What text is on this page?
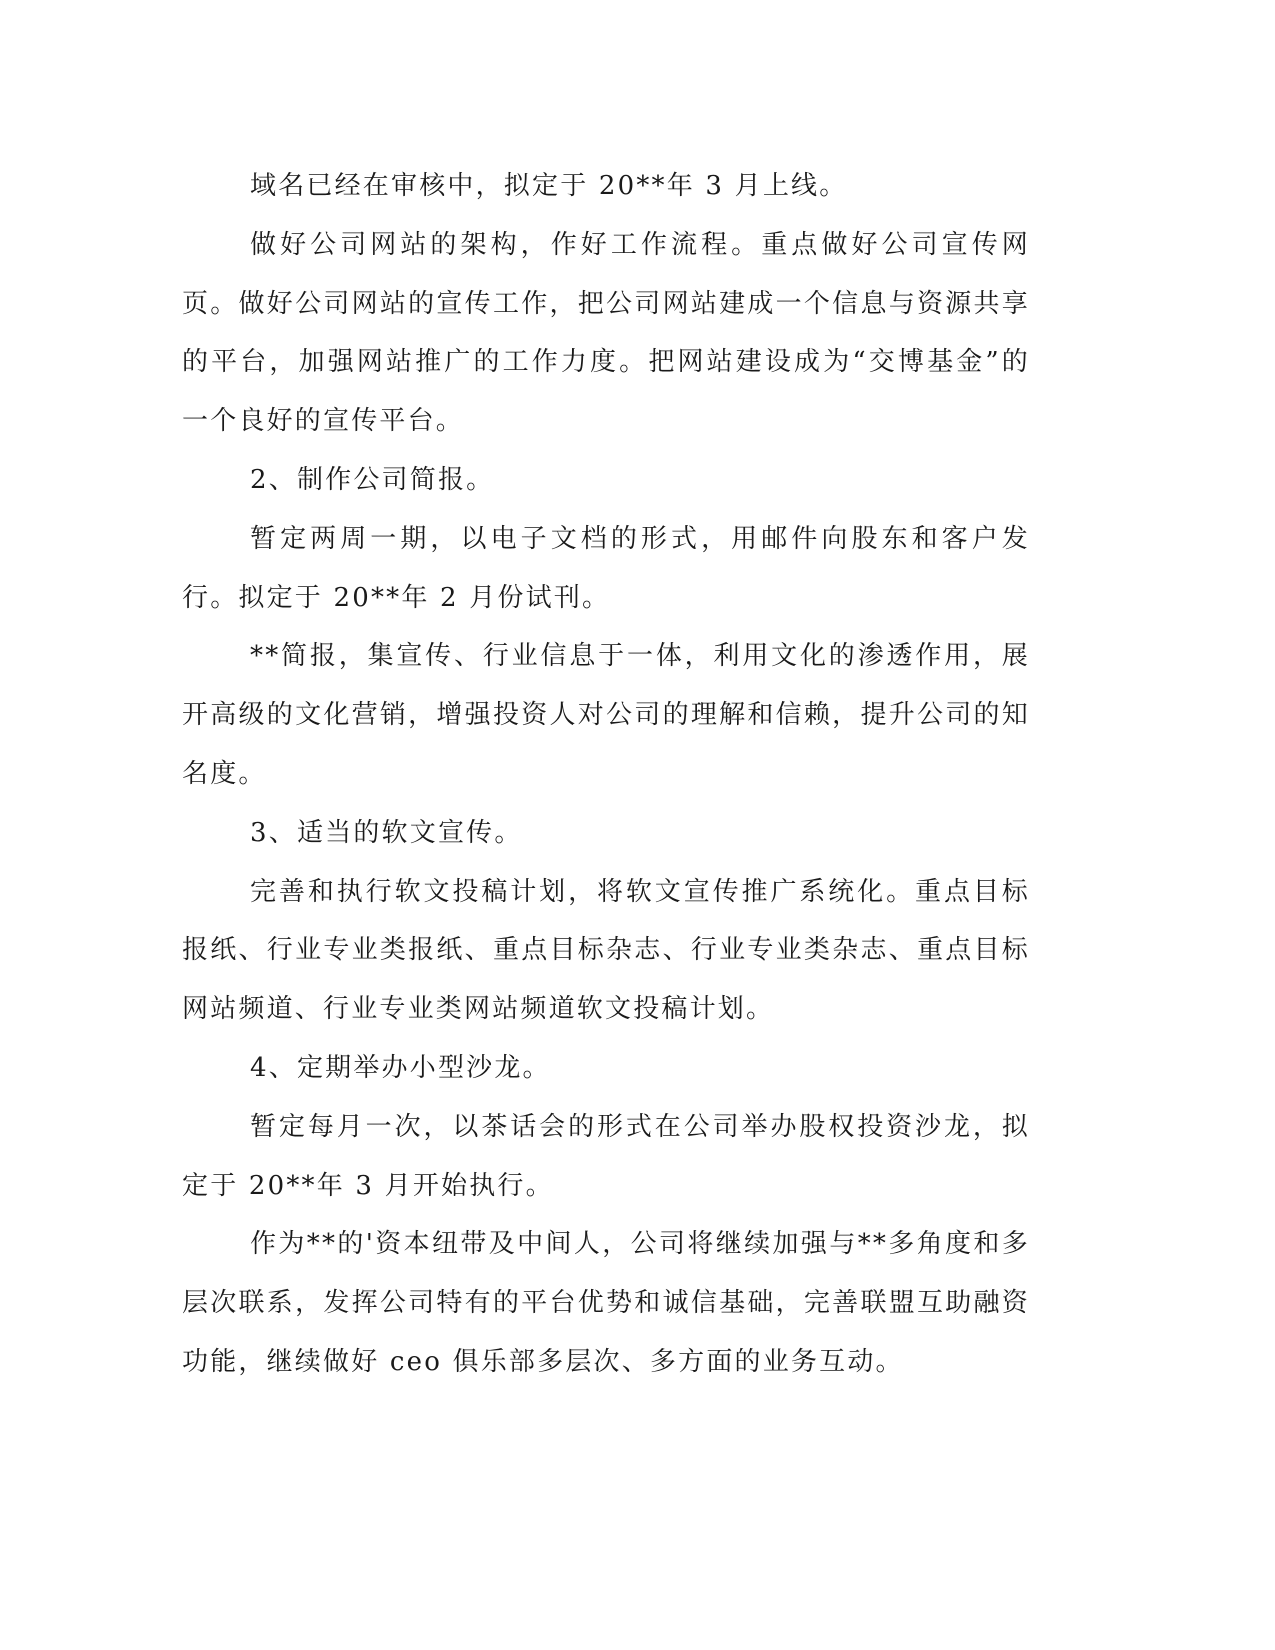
域名已经在审核中，拟定于 20**年 3 月上线。

做好公司网站的架构，作好工作流程。重点做好公司宣传网页。做好公司网站的宣传工作，把公司网站建成一个信息与资源共享的平台，加强网站推广的工作力度。把网站建设成为“交博基金”的一个良好的宣传平台。

2、制作公司简报。

暂定两周一期，以电子文档的形式，用邮件向股东和客户发行。拟定于 20**年 2 月份试刊。

**简报，集宣传、行业信息于一体，利用文化的渗透作用，展开高级的文化营销，增强投资人对公司的理解和信赖，提升公司的知名度。

3、适当的软文宣传。

完善和执行软文投稿计划，将软文宣传推广系统化。重点目标报纸、行业专业类报纸、重点目标杂志、行业专业类杂志、重点目标网站频道、行业专业类网站频道软文投稿计划。

4、定期举办小型沙龙。

暂定每月一次，以茶话会的形式在公司举办股权投资沙龙，拟定于 20**年 3 月开始执行。

作为**的'资本纽带及中间人，公司将继续加强与**多角度和多层次联系，发挥公司特有的平台优势和诚信基础，完善联盟互助融资功能，继续做好 ceo 俱乐部多层次、多方面的业务互动。
